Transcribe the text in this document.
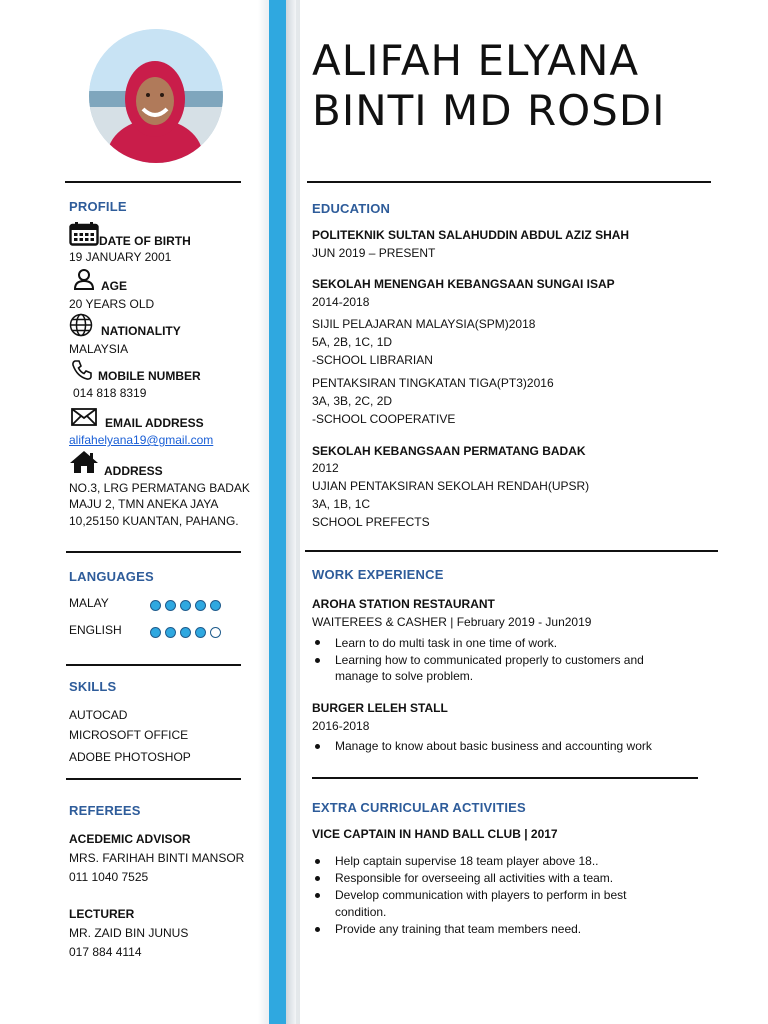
ALIFAH ELYANA
BINTI MD ROSDI
PROFILE
DATE OF BIRTH
19 JANUARY 2001
AGE
20 YEARS OLD
NATIONALITY
MALAYSIA
MOBILE NUMBER
014 818 8319
EMAIL ADDRESS
alifahelyana19@gmail.com
ADDRESS
NO.3, LRG PERMATANG BADAK
MAJU 2, TMN ANEKA JAYA
10,25150 KUANTAN, PAHANG.
LANGUAGES
MALAY
ENGLISH
SKILLS
AUTOCAD
MICROSOFT OFFICE
ADOBE PHOTOSHOP
REFEREES
ACEDEMIC ADVISOR
MRS. FARIHAH BINTI MANSOR
011 1040 7525
LECTURER
MR. ZAID BIN JUNUS
017 884 4114
EDUCATION
POLITEKNIK SULTAN SALAHUDDIN ABDUL AZIZ SHAH
JUN 2019 – PRESENT
SEKOLAH MENENGAH KEBANGSAAN SUNGAI ISAP
2014-2018
SIJIL PELAJARAN MALAYSIA(SPM)2018
5A, 2B, 1C, 1D
-SCHOOL LIBRARIAN
PENTAKSIRAN TINGKATAN TIGA(PT3)2016
3A, 3B, 2C, 2D
-SCHOOL COOPERATIVE
SEKOLAH KEBANGSAAN PERMATANG BADAK
2012
UJIAN PENTAKSIRAN SEKOLAH RENDAH(UPSR)
3A, 1B, 1C
SCHOOL PREFECTS
WORK EXPERIENCE
AROHA STATION RESTAURANT
WAITEREES & CASHER | February 2019 - Jun2019
Learn to do multi task in one time of work.
Learning how to communicated properly to customers and
manage to solve problem.
BURGER LELEH STALL
2016-2018
Manage to know about basic business and accounting work
EXTRA CURRICULAR ACTIVITIES
VICE CAPTAIN IN HAND BALL CLUB | 2017
Help captain supervise 18 team player above 18..
Responsible for overseeing all activities with a team.
Develop communication with players to perform in best
condition.
Provide any training that team members need.
